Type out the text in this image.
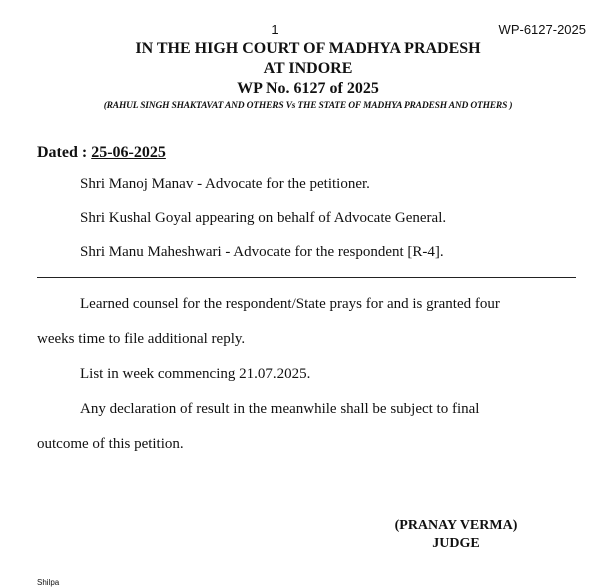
1	WP-6127-2025
IN THE HIGH COURT OF MADHYA PRADESH
AT INDORE
WP No. 6127 of 2025
(RAHUL SINGH SHAKTAVAT AND OTHERS Vs THE STATE OF MADHYA PRADESH AND OTHERS )
Dated : 25-06-2025
Shri Manoj Manav - Advocate for the petitioner.
Shri Kushal Goyal appearing on behalf of Advocate General.
Shri Manu Maheshwari - Advocate for the respondent [R-4].
Learned counsel for the respondent/State prays for and is granted four
weeks time to file additional reply.
List in week commencing 21.07.2025.
Any declaration of result in the meanwhile shall be subject to final
outcome of this petition.
(PRANAY VERMA)
JUDGE
Shilpa
